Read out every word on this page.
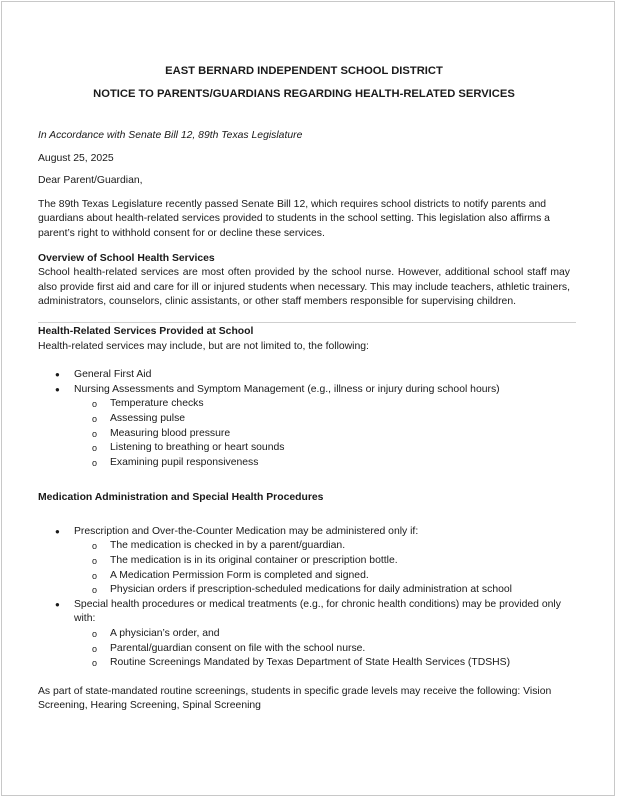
EAST BERNARD INDEPENDENT SCHOOL DISTRICT

NOTICE TO PARENTS/GUARDIANS REGARDING HEALTH-RELATED SERVICES

In Accordance with Senate Bill 12, 89th Texas Legislature

August 25, 2025

Dear Parent/Guardian,

The 89th Texas Legislature recently passed Senate Bill 12, which requires school districts to notify parents and guardians about health-related services provided to students in the school setting. This legislation also affirms a parent’s right to withhold consent for or decline these services.

Overview of School Health Services

School health-related services are most often provided by the school nurse. However, additional school staff may also provide first aid and care for ill or injured students when necessary. This may include teachers, athletic trainers, administrators, counselors, clinic assistants, or other staff members responsible for supervising children.

Health-Related Services Provided at School

Health-related services may include, but are not limited to, the following:

● General First Aid
● Nursing Assessments and Symptom Management (e.g., illness or injury during school hours)
o Temperature checks
o Assessing pulse
o Measuring blood pressure
o Listening to breathing or heart sounds
o Examining pupil responsiveness

Medication Administration and Special Health Procedures

● Prescription and Over-the-Counter Medication may be administered only if:
o The medication is checked in by a parent/guardian.
o The medication is in its original container or prescription bottle.
o A Medication Permission Form is completed and signed.
o Physician orders if prescription-scheduled medications for daily administration at school
● Special health procedures or medical treatments (e.g., for chronic health conditions) may be provided only with:
o A physician’s order, and
o Parental/guardian consent on file with the school nurse.
o Routine Screenings Mandated by Texas Department of State Health Services (TDSHS)

As part of state-mandated routine screenings, students in specific grade levels may receive the following: Vision Screening, Hearing Screening, Spinal Screening
